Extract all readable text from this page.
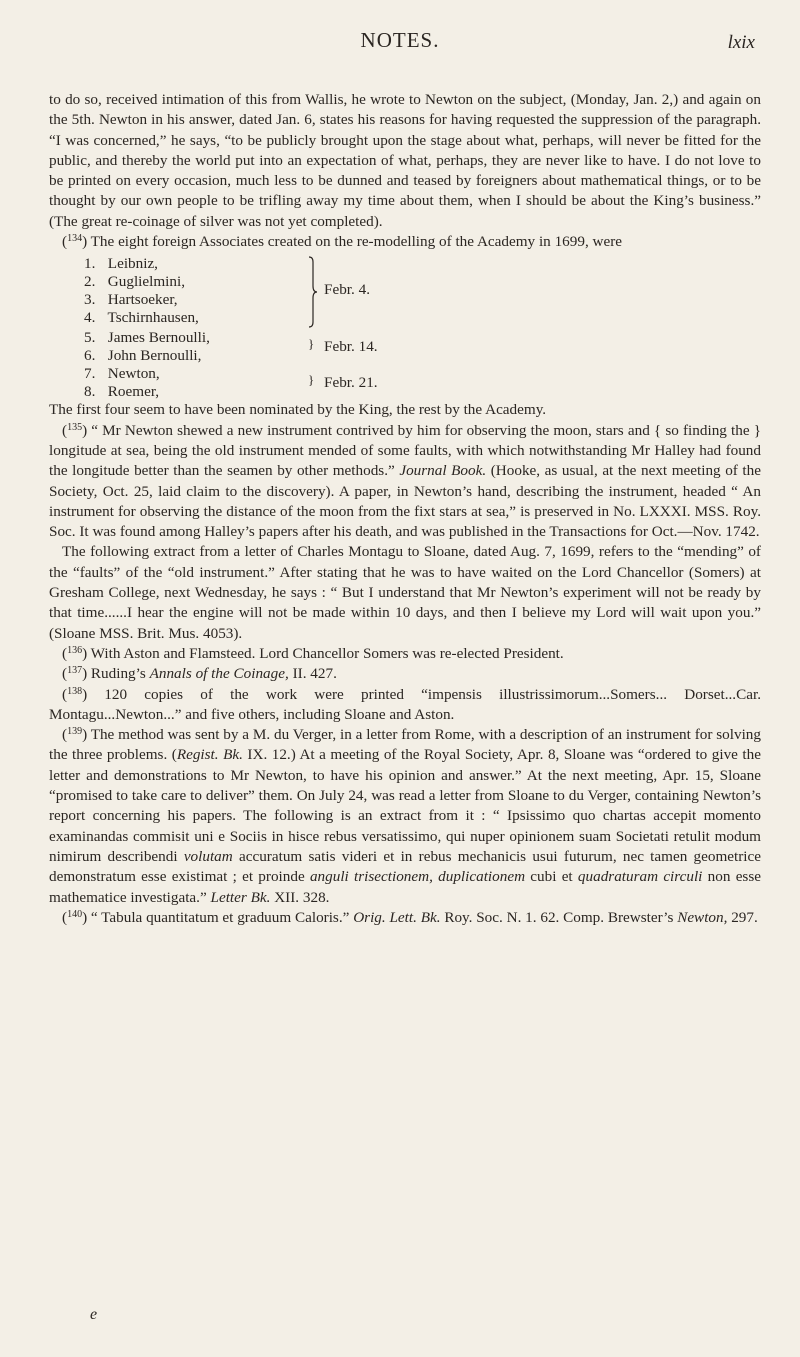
NOTES.	lxix

to do so, received intimation of this from Wallis, he wrote to Newton on the subject, (Monday, Jan. 2,) and again on the 5th. Newton in his answer, dated Jan. 6, states his reasons for having requested the suppression of the paragraph. “I was concerned,” he says, “to be publicly brought upon the stage about what, perhaps, will never be fitted for the public, and thereby the world put into an expectation of what, perhaps, they are never like to have. I do not love to be printed on every occasion, much less to be dunned and teased by foreigners about mathematical things, or to be thought by our own people to be trifling away my time about them, when I should be about the King’s business.” (The great re-coinage of silver was not yet completed).

($^{134}$) The eight foreign Associates created on the re-modelling of the Academy in 1699, were

1. Leibniz,
2. Guglielmini,
3. Hartsoeker,
4. Tschirnhausen,
5. James Bernoulli,
6. John Bernoulli,
7. Newton,
8. Roemer,
Febr. 4.
} Febr. 14.
} Febr. 21.

The first four seem to have been nominated by the King, the rest by the Academy.

($^{135}$) “ Mr Newton shewed a new instrument contrived by him for observing the moon, stars and { so finding the } longitude at sea, being the old instrument mended of some faults, with which notwithstanding Mr Halley had found the longitude better than the seamen by other methods.” Journal Book. (Hooke, as usual, at the next meeting of the Society, Oct. 25, laid claim to the discovery). A paper, in Newton’s hand, describing the instrument, headed “ An instrument for observing the distance of the moon from the fixt stars at sea,” is preserved in No. LXXXI. MSS. Roy. Soc. It was found among Halley’s papers after his death, and was published in the Transactions for Oct.—Nov. 1742.

The following extract from a letter of Charles Montagu to Sloane, dated Aug. 7, 1699, refers to the “mending” of the “faults” of the “old instrument.” After stating that he was to have waited on the Lord Chancellor (Somers) at Gresham College, next Wednesday, he says : “ But I understand that Mr Newton’s experiment will not be ready by that time......I hear the engine will not be made within 10 days, and then I believe my Lord will wait upon you.” (Sloane MSS. Brit. Mus. 4053).

($^{136}$) With Aston and Flamsteed. Lord Chancellor Somers was re-elected President.

($^{137}$) Ruding’s Annals of the Coinage, II. 427.

($^{138}$) 120 copies of the work were printed “impensis illustrissimorum...Somers... Dorset...Car. Montagu...Newton...” and five others, including Sloane and Aston.

($^{139}$) The method was sent by a M. du Verger, in a letter from Rome, with a description of an instrument for solving the three problems. (Regist. Bk. IX. 12.) At a meeting of the Royal Society, Apr. 8, Sloane was “ordered to give the letter and demonstrations to Mr Newton, to have his opinion and answer.” At the next meeting, Apr. 15, Sloane “promised to take care to deliver” them. On July 24, was read a letter from Sloane to du Verger, containing Newton’s report concerning his papers. The following is an extract from it : “ Ipsissimo quo chartas accepit momento examinandas commisit uni e Sociis in hisce rebus versatissimo, qui nuper opinionem suam Societati retulit modum nimirum describendi volutam accuratum satis videri et in rebus mechanicis usui futurum, nec tamen geometrice demonstratum esse existimat ; et proinde anguli trisectionem, duplicationem cubi et quadraturam circuli non esse mathematice investigata.” Letter Bk. XII. 328.

($^{140}$) “ Tabula quantitatum et graduum Caloris.” Orig. Lett. Bk. Roy. Soc. N. 1. 62. Comp. Brewster’s Newton, 297.

e
